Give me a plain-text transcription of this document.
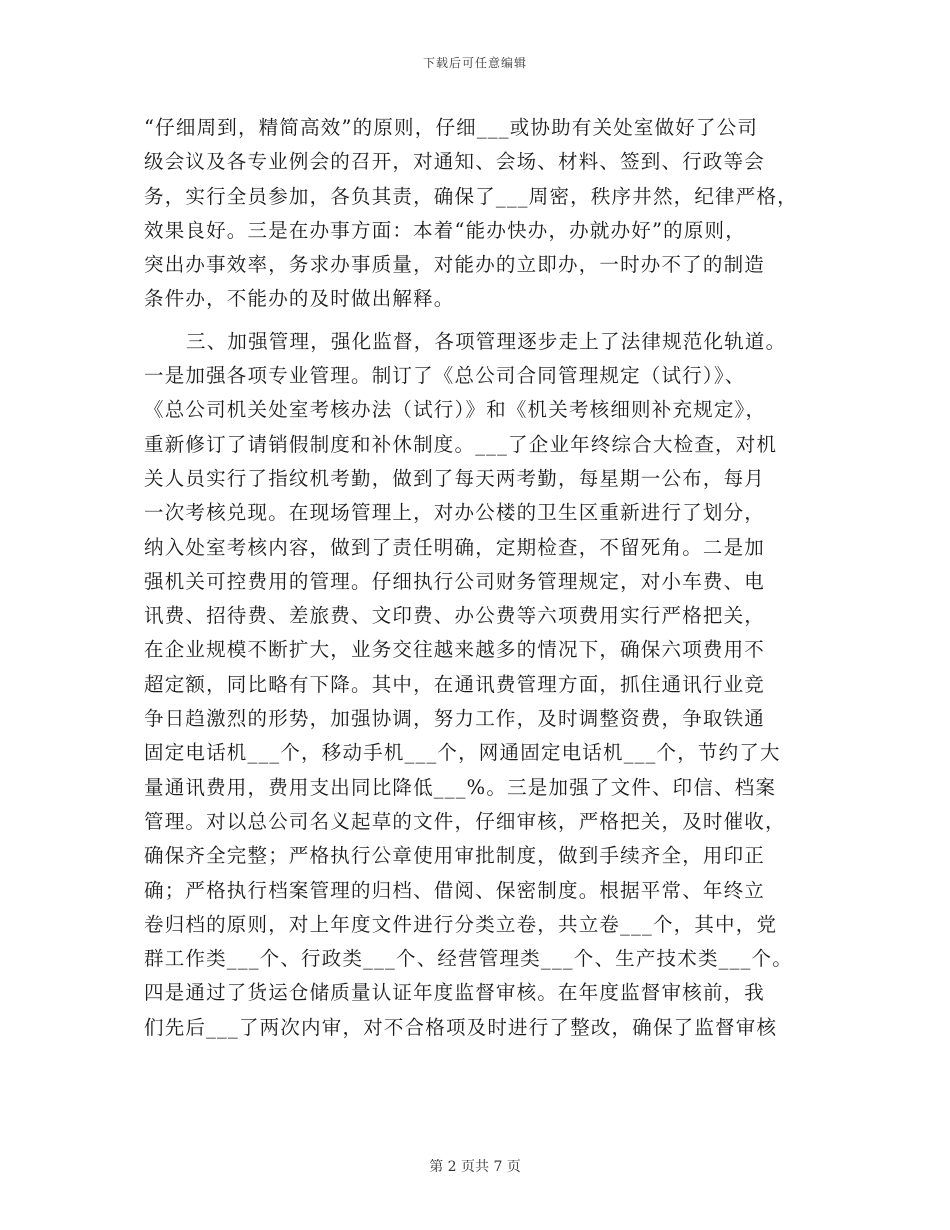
下载后可任意编辑
“仔细周到，精简高效”的原则，仔细___或协助有关处室做好了公司
级会议及各专业例会的召开，对通知、会场、材料、签到、行政等会
务，实行全员参加，各负其责，确保了___周密，秩序井然，纪律严格，
效果良好。三是在办事方面：本着“能办快办，办就办好”的原则，
突出办事效率，务求办事质量，对能办的立即办，一时办不了的制造
条件办，不能办的及时做出解释。
三、加强管理，强化监督，各项管理逐步走上了法律规范化轨道。
一是加强各项专业管理。制订了《总公司合同管理规定（试行）》、
《总公司机关处室考核办法（试行）》和《机关考核细则补充规定》，
重新修订了请销假制度和补休制度。___了企业年终综合大检查，对机
关人员实行了指纹机考勤，做到了每天两考勤，每星期一公布，每月
一次考核兑现。在现场管理上，对办公楼的卫生区重新进行了划分，
纳入处室考核内容，做到了责任明确，定期检查，不留死角。二是加
强机关可控费用的管理。仔细执行公司财务管理规定，对小车费、电
讯费、招待费、差旅费、文印费、办公费等六项费用实行严格把关，
在企业规模不断扩大，业务交往越来越多的情况下，确保六项费用不
超定额，同比略有下降。其中，在通讯费管理方面，抓住通讯行业竞
争日趋激烈的形势，加强协调，努力工作，及时调整资费，争取铁通
固定电话机___个，移动手机___个，网通固定电话机___个，节约了大
量通讯费用，费用支出同比降低___%。三是加强了文件、印信、档案
管理。对以总公司名义起草的文件，仔细审核，严格把关，及时催收，
确保齐全完整；严格执行公章使用审批制度，做到手续齐全，用印正
确；严格执行档案管理的归档、借阅、保密制度。根据平常、年终立
卷归档的原则，对上年度文件进行分类立卷，共立卷___个，其中，党
群工作类___个、行政类___个、经营管理类___个、生产技术类___个。
四是通过了货运仓储质量认证年度监督审核。在年度监督审核前，我
们先后___了两次内审，对不合格项及时进行了整改，确保了监督审核
第 2 页共 7 页
